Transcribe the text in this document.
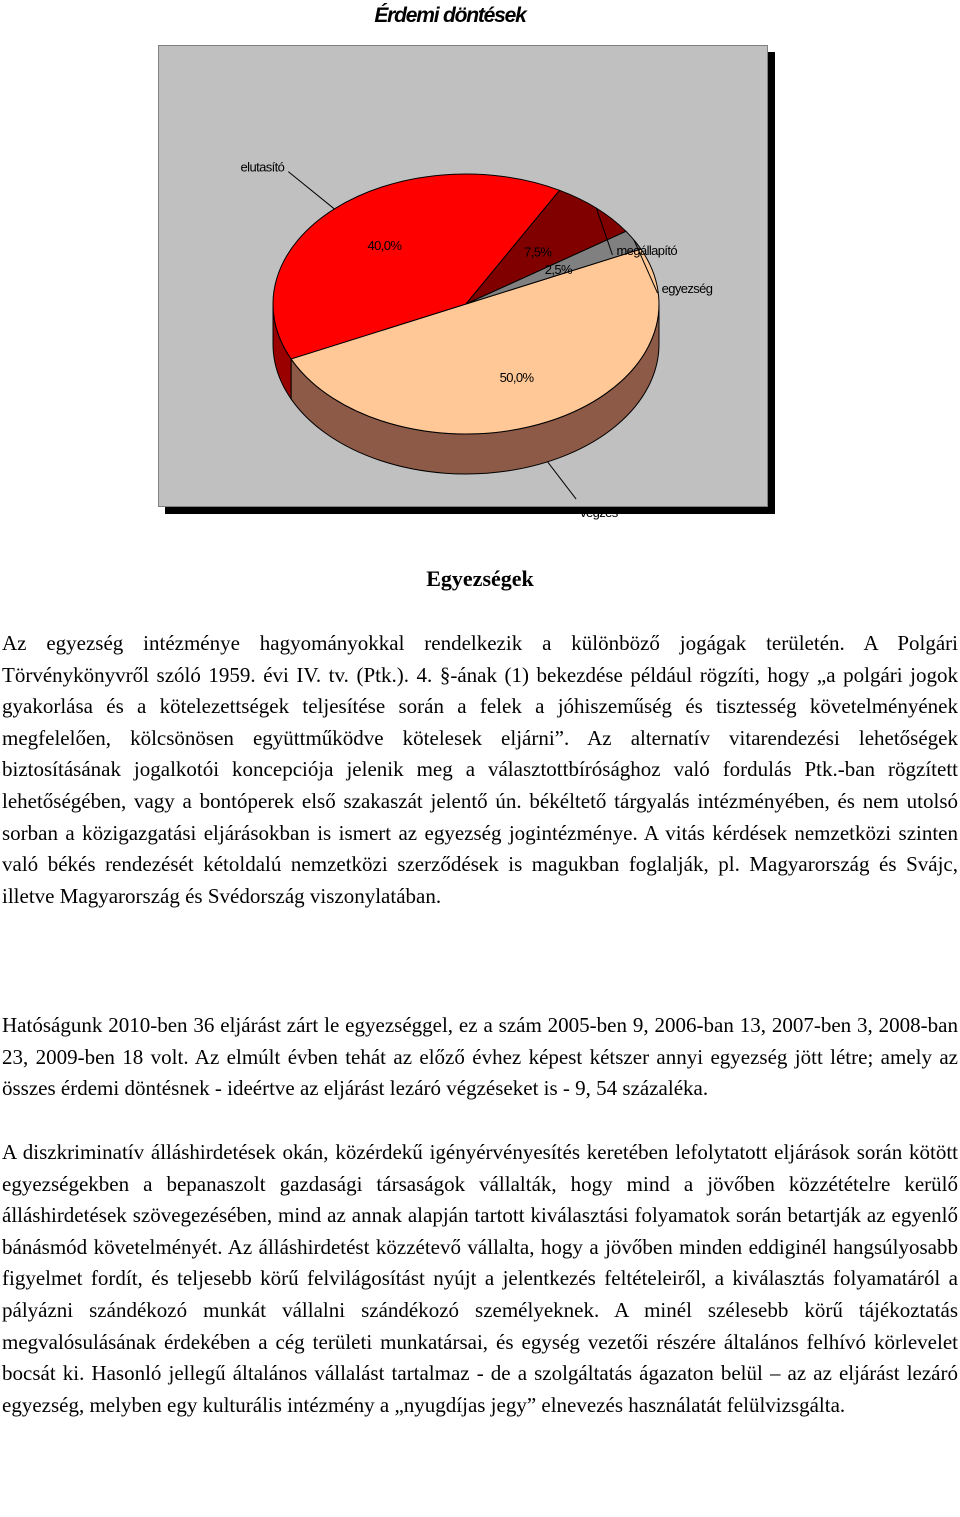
Érdemi döntések
50,0%
végzés
40,0%
elutasító
7,5%	megállapító
2,5%
egyezség
Egyezségek

Az egyezség intézménye hagyományokkal rendelkezik a különböző jogágak területén. A Polgári Törvénykönyvről szóló 1959. évi IV. tv. (Ptk.). 4. §-ának (1) bekezdése például rögzíti, hogy „a polgári jogok gyakorlása és a kötelezettségek teljesítése során a felek a jóhiszeműség és tisztesség követelményének megfelelően, kölcsönösen együttműködve kötelesek eljárni”. Az alternatív vitarendezési lehetőségek biztosításának jogalkotói koncepciója jelenik meg a választottbírósághoz való fordulás Ptk.-ban rögzített lehetőségében, vagy a bontóperek első szakaszát jelentő ún. békéltető tárgyalás intézményében, és nem utolsó sorban a közigazgatási eljárásokban is ismert az egyezség jogintézménye. A vitás kérdések nemzetközi szinten való békés rendezését kétoldalú nemzetközi szerződések is magukban foglalják, pl. Magyarország és Svájc, illetve Magyarország és Svédország viszonylatában.

Hatóságunk 2010-ben 36 eljárást zárt le egyezséggel, ez a szám 2005-ben 9, 2006-ban 13, 2007-ben 3, 2008-ban 23, 2009-ben 18 volt. Az elmúlt évben tehát az előző évhez képest kétszer annyi egyezség jött létre; amely az összes érdemi döntésnek - ideértve az eljárást lezáró végzéseket is - 9, 54 százaléka.

A diszkriminatív álláshirdetések okán, közérdekű igényérvényesítés keretében lefolytatott eljárások során kötött egyezségekben a bepanaszolt gazdasági társaságok vállalták, hogy mind a jövőben közzétételre kerülő álláshirdetések szövegezésében, mind az annak alapján tartott kiválasztási folyamatok során betartják az egyenlő bánásmód követelményét. Az álláshirdetést közzétevő vállalta, hogy a jövőben minden eddiginél hangsúlyosabb figyelmet fordít, és teljesebb körű felvilágosítást nyújt a jelentkezés feltételeiről, a kiválasztás folyamatáról a pályázni szándékozó munkát vállalni szándékozó személyeknek. A minél szélesebb körű tájékoztatás megvalósulásának érdekében a cég területi munkatársai, és egység vezetői részére általános felhívó körlevelet bocsát ki. Hasonló jellegű általános vállalást tartalmaz - de a szolgáltatás ágazaton belül – az az eljárást lezáró egyezség, melyben egy kulturális intézmény a „nyugdíjas jegy” elnevezés használatát felülvizsgálta.
